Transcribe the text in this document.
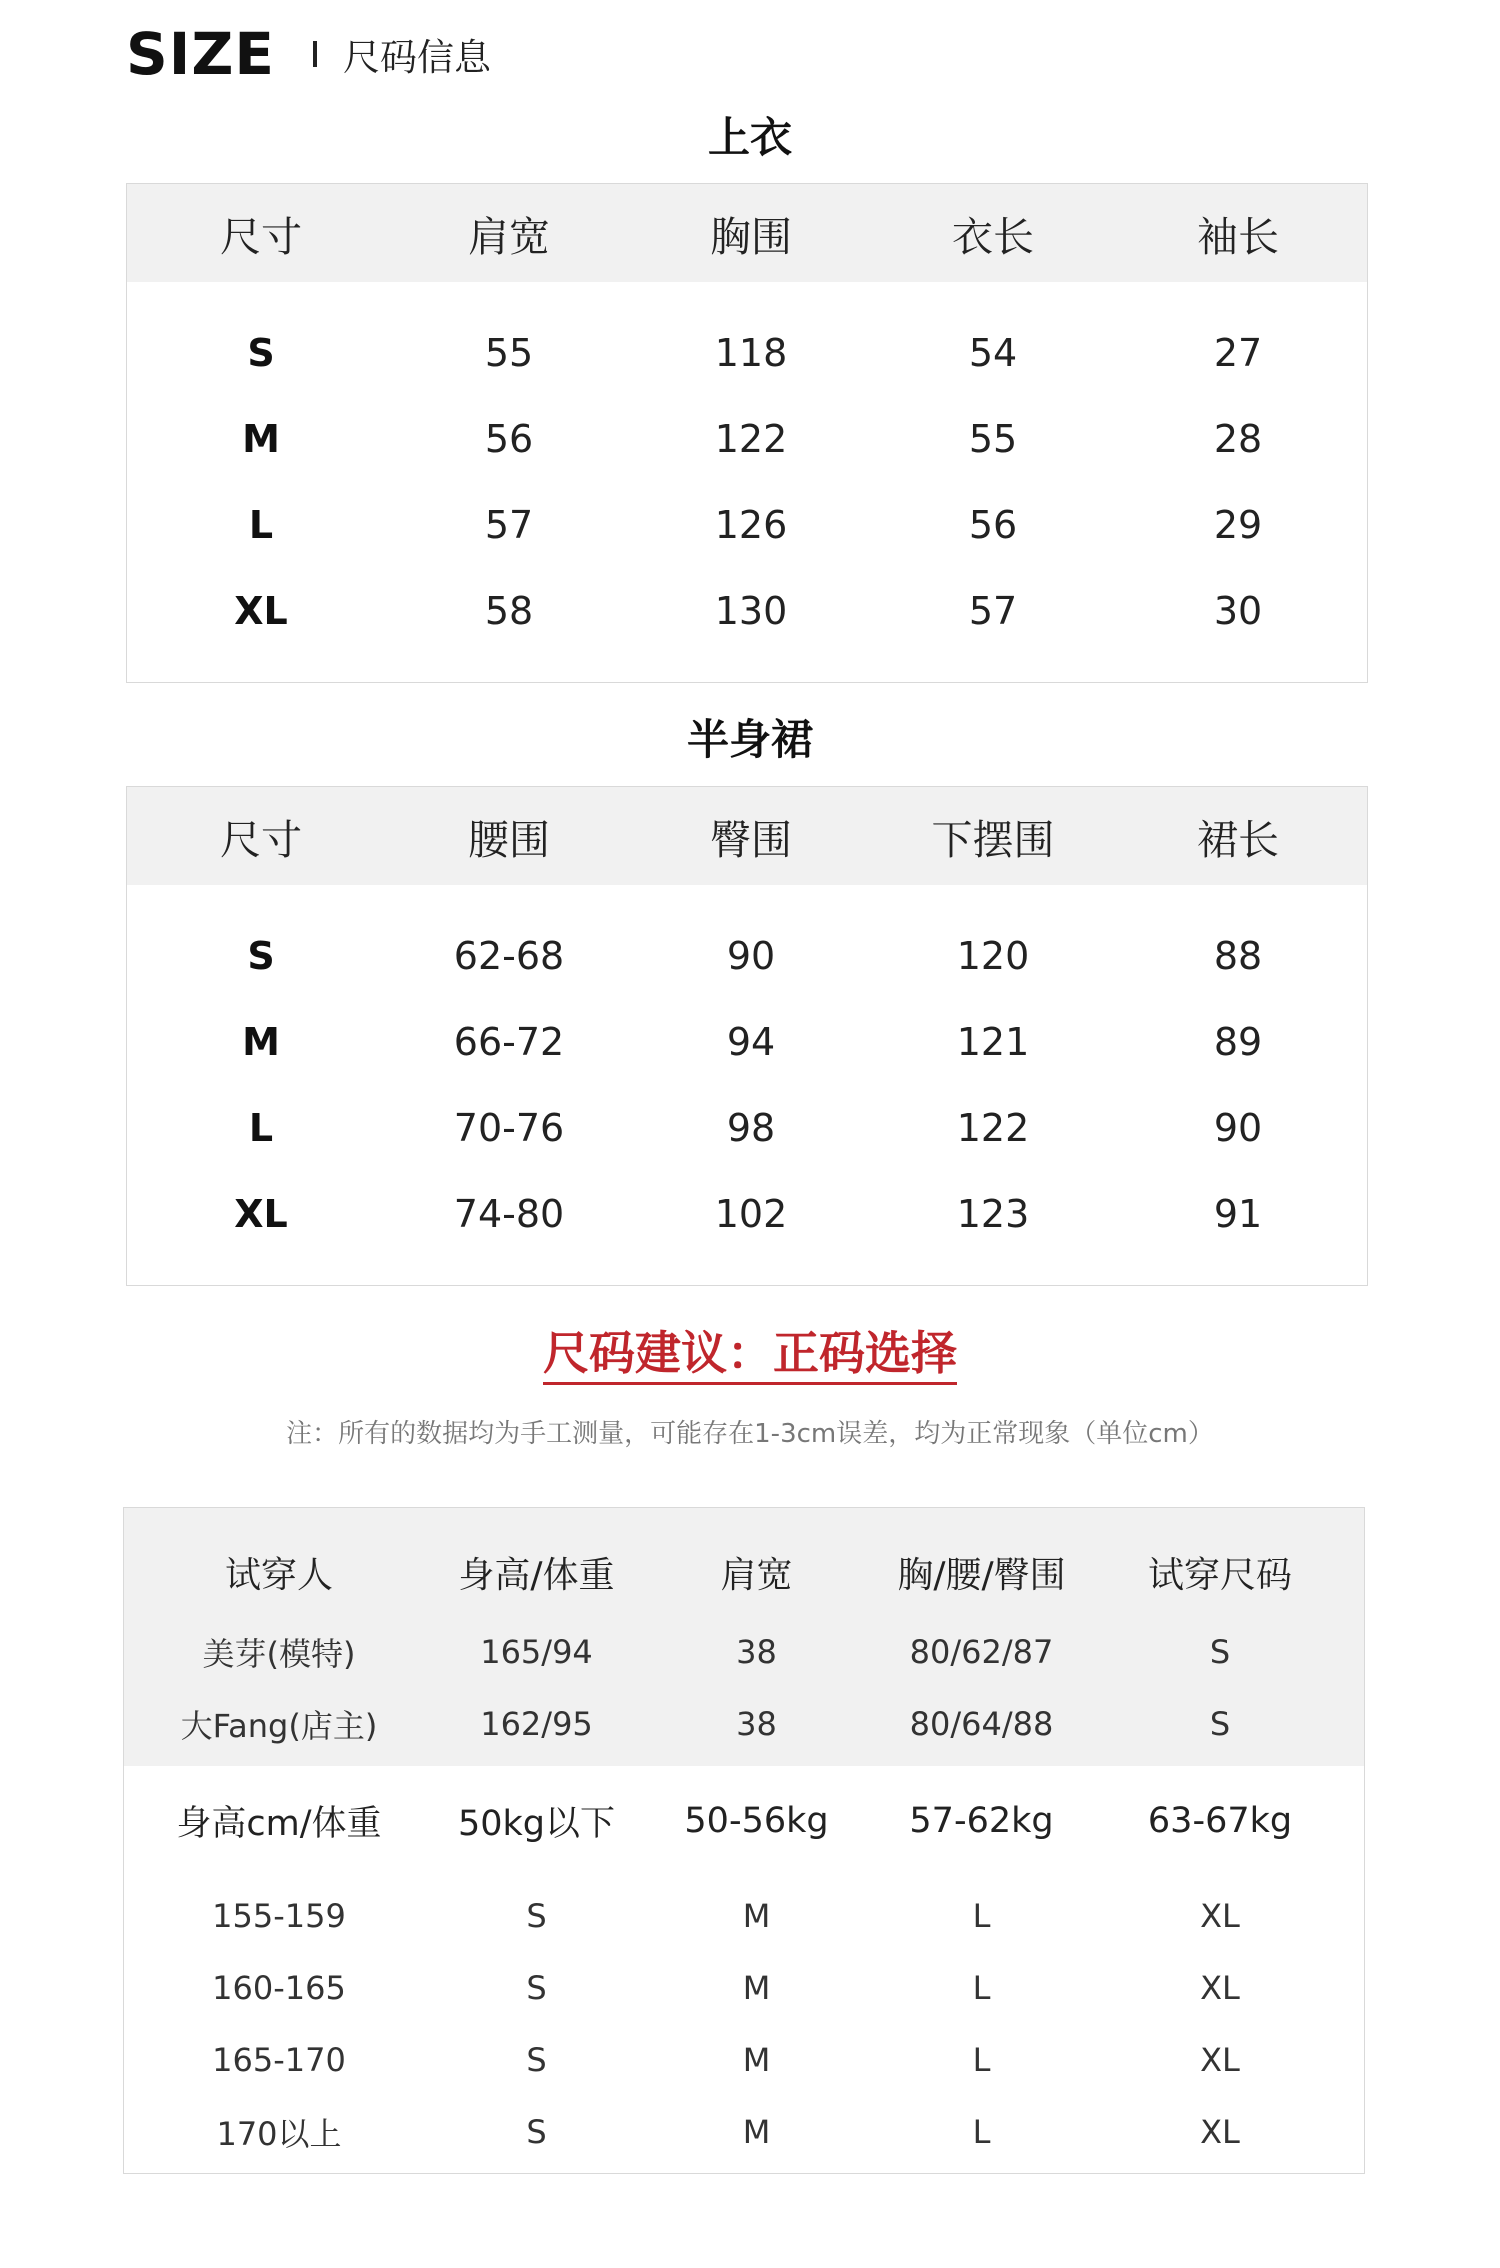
SIZE 尺码信息
上衣
尺寸	肩宽	胸围	衣长	袖长
S	55	118	54	27
M	56	122	55	28
L	57	126	56	29
XL	58	130	57	30
半身裙
尺寸	腰围	臀围	下摆围	裙长
S	62-68	90	120	88
M	66-72	94	121	89
L	70-76	98	122	90
XL	74-80	102	123	91
尺码建议：正码选择
注：所有的数据均为手工测量，可能存在1-3cm误差，均为正常现象（单位cm）
试穿人	身高/体重	肩宽	胸/腰/臀围	试穿尺码
美芽(模特)	165/94	38	80/62/87	S
大Fang(店主)	162/95	38	80/64/88	S
身高cm/体重	50kg以下	50-56kg	57-62kg	63-67kg
155-159	S	M	L	XL
160-165	S	M	L	XL
165-170	S	M	L	XL
170以上	S	M	L	XL
